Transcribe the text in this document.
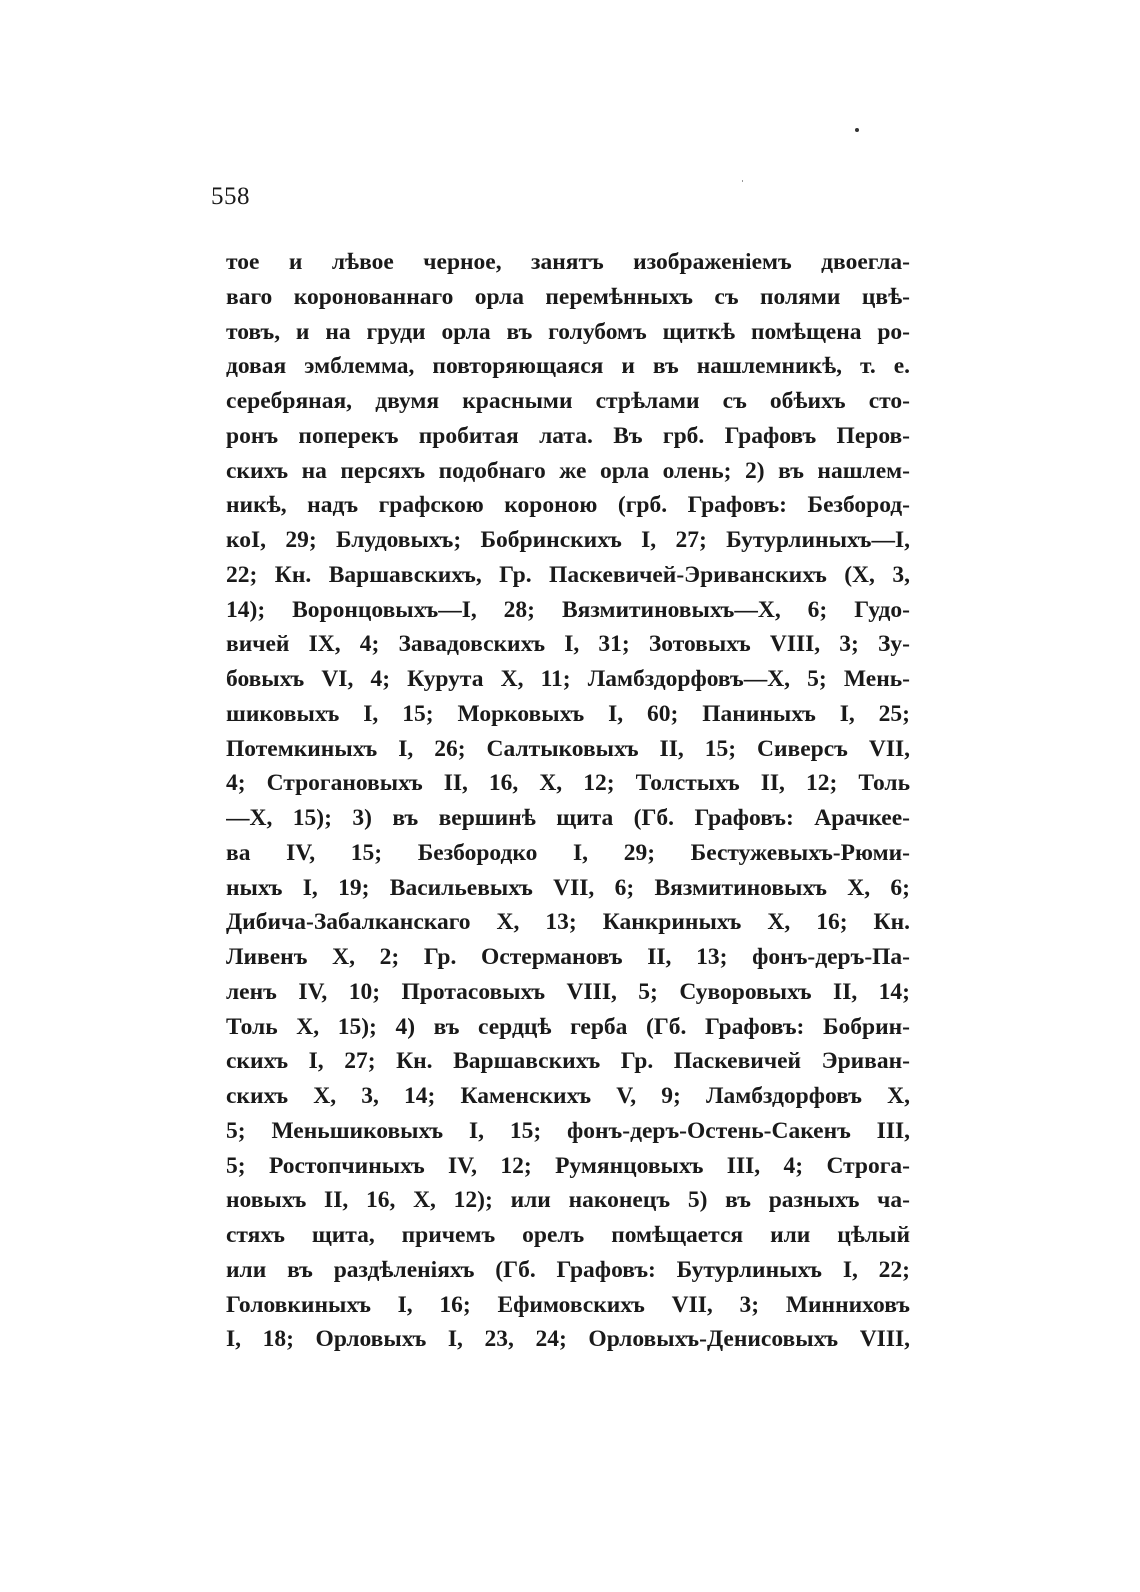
558
тое и лѣвое черное, занятъ изображеніемъ двоегла-
ваго коронованнаго орла перемѣнныхъ съ полями цвѣ-
товъ, и на груди орла въ голубомъ щиткѣ помѣщена ро-
довая эмблемма, повторяющаяся и въ нашлемникѣ, т. е.
серебряная, двумя красными стрѣлами съ обѣихъ сто-
ронъ поперекъ пробитая лата. Въ грб. Графовъ Перов-
скихъ на персяхъ подобнаго же орла олень; 2) въ нашлем-
никѣ, надъ графскою короною (грб. Графовъ: Безбород-
коI, 29; Блудовыхъ; Бобринскихъ I, 27; Бутурлиныхъ—I,
22; Кн. Варшавскихъ, Гр. Паскевичей-Эриванскихъ (X, 3,
14); Воронцовыхъ—I, 28; Вязмитиновыхъ—X, 6; Гудо-
вичей IX, 4; Завадовскихъ I, 31; Зотовыхъ VIII, 3; Зу-
бовыхъ VI, 4; Курута X, 11; Ламбздорфовъ—X, 5; Мень-
шиковыхъ I, 15; Морковыхъ I, 60; Паниныхъ I, 25;
Потемкиныхъ I, 26; Салтыковыхъ II, 15; Сиверсъ VII,
4; Строгановыхъ II, 16, X, 12; Толстыхъ II, 12; Толь
—X, 15); 3) въ вершинѣ щита (Гб. Графовъ: Арачкее-
ва IV, 15; Безбородко I, 29; Бестужевыхъ-Рюми-
ныхъ I, 19; Васильевыхъ VII, 6; Вязмитиновыхъ X, 6;
Дибича-Забалканскаго X, 13; Канкриныхъ X, 16; Кн.
Ливенъ X, 2; Гр. Остермановъ II, 13; фонъ-деръ-Па-
ленъ IV, 10; Протасовыхъ VIII, 5; Суворовыхъ II, 14;
Толь X, 15); 4) въ сердцѣ герба (Гб. Графовъ: Бобрин-
скихъ I, 27; Кн. Варшавскихъ Гр. Паскевичей Эриван-
скихъ X, 3, 14; Каменскихъ V, 9; Ламбздорфовъ X,
5; Меньшиковыхъ I, 15; фонъ-деръ-Остень-Сакенъ III,
5; Ростопчиныхъ IV, 12; Румянцовыхъ III, 4; Строга-
новыхъ II, 16, X, 12); или наконецъ 5) въ разныхъ ча-
стяхъ щита, причемъ орелъ помѣщается или цѣлый
или въ раздѣленіяхъ (Гб. Графовъ: Бутурлиныхъ I, 22;
Головкиныхъ I, 16; Ефимовскихъ VII, 3; Минниховъ
I, 18; Орловыхъ I, 23, 24; Орловыхъ-Денисовыхъ VIII,
